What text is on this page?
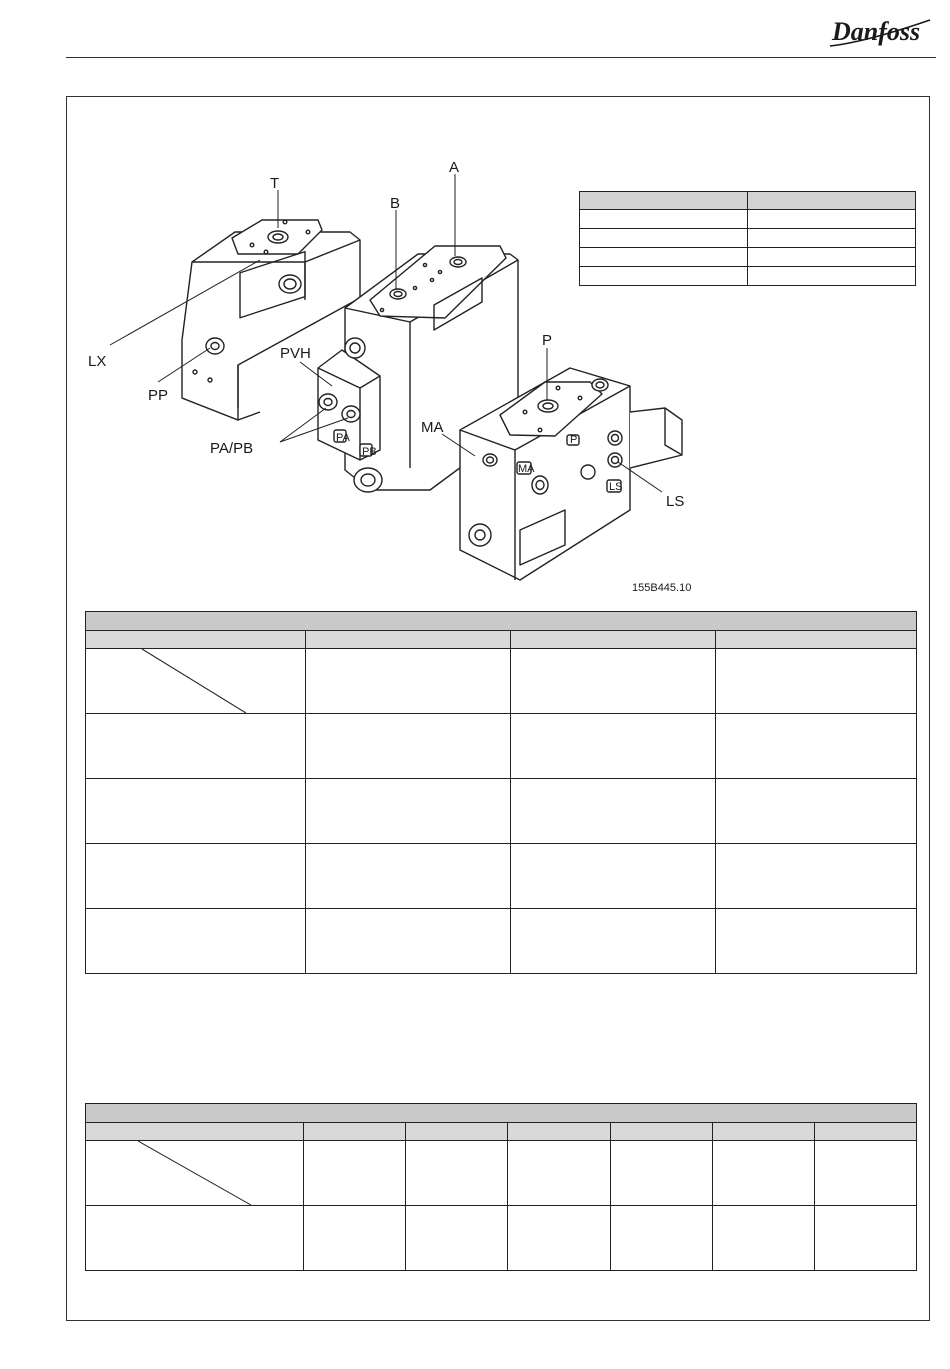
Danfoss
PA
PB
MA
P
LS
T
A
B
LX
PP
PVH
PA/PB
MA
P
LS
155B445.10
